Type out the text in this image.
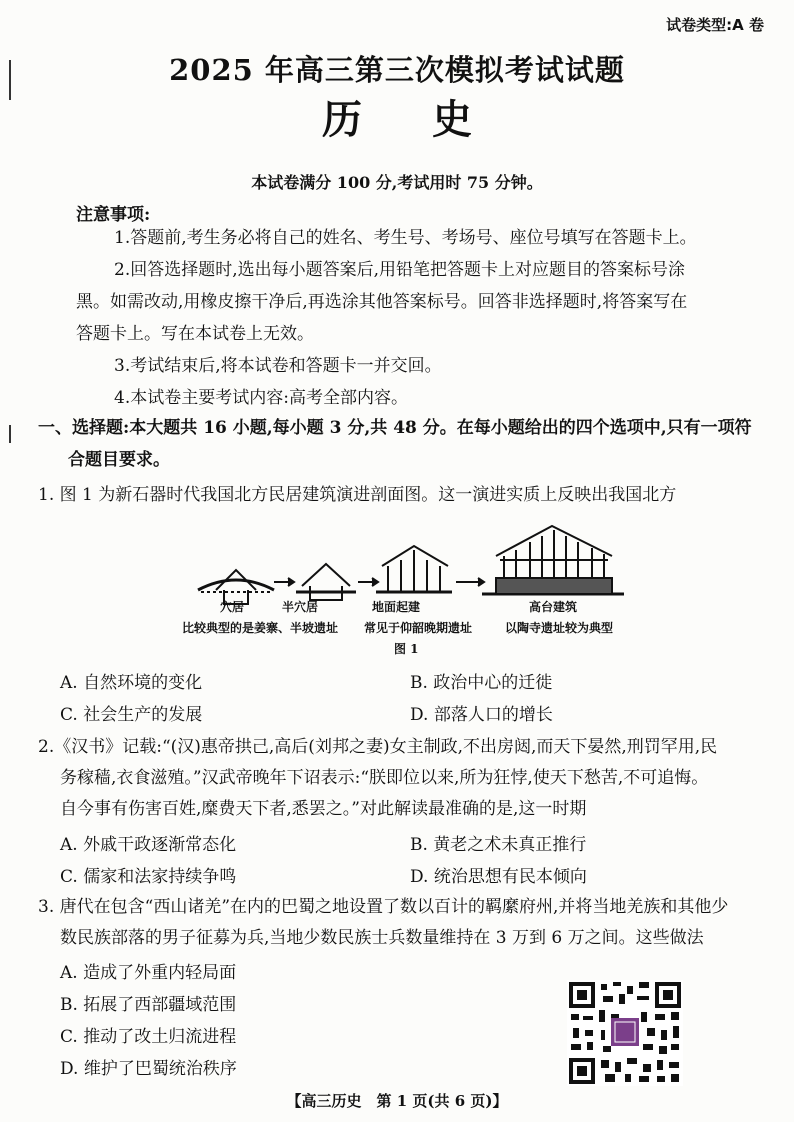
试卷类型:A 卷
2025 年高三第三次模拟考试试题
历史
本试卷满分 100 分,考试用时 75 分钟。
注意事项:
1.答题前,考生务必将自己的姓名、考生号、考场号、座位号填写在答题卡上。
2.回答选择题时,选出每小题答案后,用铅笔把答题卡上对应题目的答案标号涂
黑。如需改动,用橡皮擦干净后,再选涂其他答案标号。回答非选择题时,将答案写在
答题卡上。写在本试卷上无效。
3.考试结束后,将本试卷和答题卡一并交回。
4.本试卷主要考试内容:高考全部内容。
一、选择题:本大题共 16 小题,每小题 3 分,共 48 分。在每小题给出的四个选项中,只有一项符
合题目要求。
1. 图 1 为新石器时代我国北方民居建筑演进剖面图。这一演进实质上反映出我国北方
穴居	半穴居	地面起建	高台建筑
比较典型的是姜寨、半坡遗址 常见于仰韶晚期遗址	以陶寺遗址较为典型
图 1
A. 自然环境的变化	B. 政治中心的迁徙
C. 社会生产的发展	D. 部落人口的增长
2.《汉书》记载:“(汉)惠帝拱己,高后(刘邦之妻)女主制政,不出房闼,而天下晏然,刑罚罕用,民
务稼穑,衣食滋殖。”汉武帝晚年下诏表示:“朕即位以来,所为狂悖,使天下愁苦,不可追悔。
自今事有伤害百姓,糜费天下者,悉罢之。”对此解读最准确的是,这一时期
A. 外戚干政逐渐常态化	B. 黄老之术未真正推行
C. 儒家和法家持续争鸣	D. 统治思想有民本倾向
3. 唐代在包含“西山诸羌”在内的巴蜀之地设置了数以百计的羁縻府州,并将当地羌族和其他少
数民族部落的男子征募为兵,当地少数民族士兵数量维持在 3 万到 6 万之间。这些做法
A. 造成了外重内轻局面
B. 拓展了西部疆域范围
C. 推动了改土归流进程
D. 维护了巴蜀统治秩序
【高三历史　第 1 页(共 6 页)】
